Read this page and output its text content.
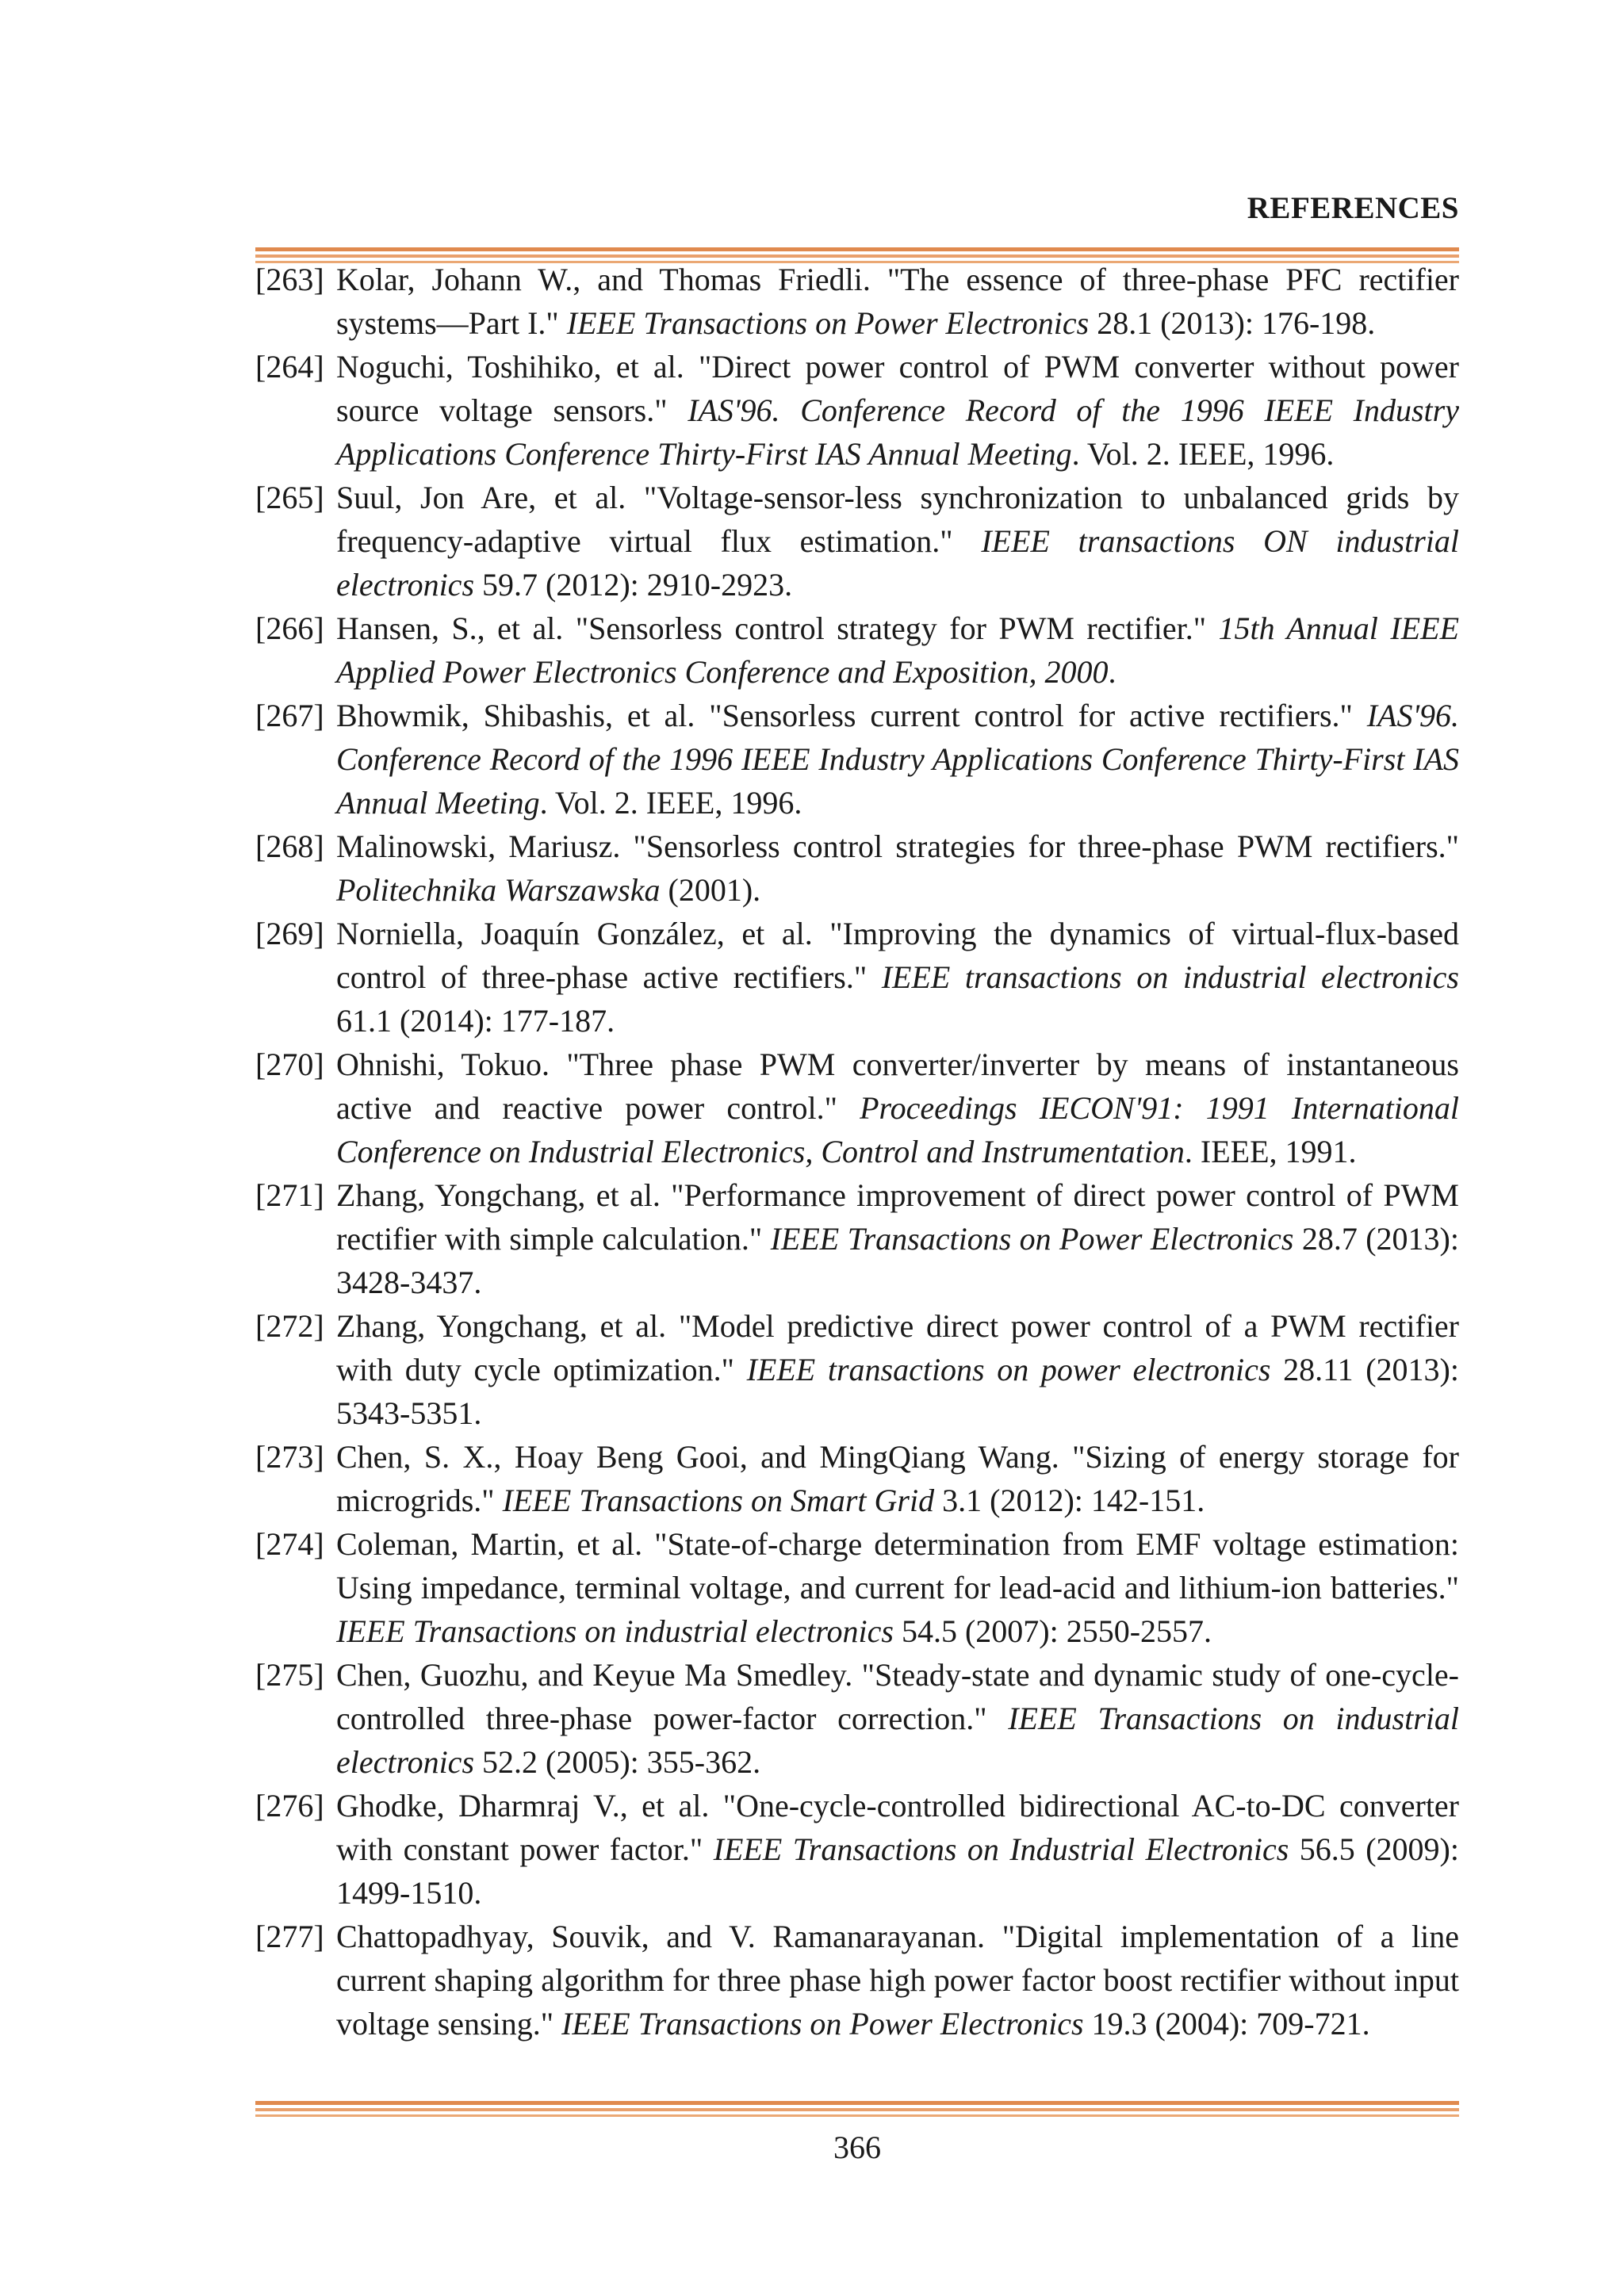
REFERENCES

[263] Kolar, Johann W., and Thomas Friedli. "The essence of three-phase PFC rectifier systems—Part I." IEEE Transactions on Power Electronics 28.1 (2013): 176-198.

[264] Noguchi, Toshihiko, et al. "Direct power control of PWM converter without power source voltage sensors." IAS'96. Conference Record of the 1996 IEEE Industry Applications Conference Thirty-First IAS Annual Meeting. Vol. 2. IEEE, 1996.

[265] Suul, Jon Are, et al. "Voltage-sensor-less synchronization to unbalanced grids by frequency-adaptive virtual flux estimation." IEEE transactions ON industrial electronics 59.7 (2012): 2910-2923.

[266] Hansen, S., et al. "Sensorless control strategy for PWM rectifier." 15th Annual IEEE Applied Power Electronics Conference and Exposition, 2000.

[267] Bhowmik, Shibashis, et al. "Sensorless current control for active rectifiers." IAS'96. Conference Record of the 1996 IEEE Industry Applications Conference Thirty-First IAS Annual Meeting. Vol. 2. IEEE, 1996.

[268] Malinowski, Mariusz. "Sensorless control strategies for three-phase PWM rectifiers." Politechnika Warszawska (2001).

[269] Norniella, Joaquín González, et al. "Improving the dynamics of virtual-flux-based control of three-phase active rectifiers." IEEE transactions on industrial electronics 61.1 (2014): 177-187.

[270] Ohnishi, Tokuo. "Three phase PWM converter/inverter by means of instantaneous active and reactive power control." Proceedings IECON'91: 1991 International Conference on Industrial Electronics, Control and Instrumentation. IEEE, 1991.

[271] Zhang, Yongchang, et al. "Performance improvement of direct power control of PWM rectifier with simple calculation." IEEE Transactions on Power Electronics 28.7 (2013): 3428-3437.

[272] Zhang, Yongchang, et al. "Model predictive direct power control of a PWM rectifier with duty cycle optimization." IEEE transactions on power electronics 28.11 (2013): 5343-5351.

[273] Chen, S. X., Hoay Beng Gooi, and MingQiang Wang. "Sizing of energy storage for microgrids." IEEE Transactions on Smart Grid 3.1 (2012): 142-151.

[274] Coleman, Martin, et al. "State-of-charge determination from EMF voltage estimation: Using impedance, terminal voltage, and current for lead-acid and lithium-ion batteries." IEEE Transactions on industrial electronics 54.5 (2007): 2550-2557.

[275] Chen, Guozhu, and Keyue Ma Smedley. "Steady-state and dynamic study of one-cycle-controlled three-phase power-factor correction." IEEE Transactions on industrial electronics 52.2 (2005): 355-362.

[276] Ghodke, Dharmraj V., et al. "One-cycle-controlled bidirectional AC-to-DC converter with constant power factor." IEEE Transactions on Industrial Electronics 56.5 (2009): 1499-1510.

[277] Chattopadhyay, Souvik, and V. Ramanarayanan. "Digital implementation of a line current shaping algorithm for three phase high power factor boost rectifier without input voltage sensing." IEEE Transactions on Power Electronics 19.3 (2004): 709-721.

366
